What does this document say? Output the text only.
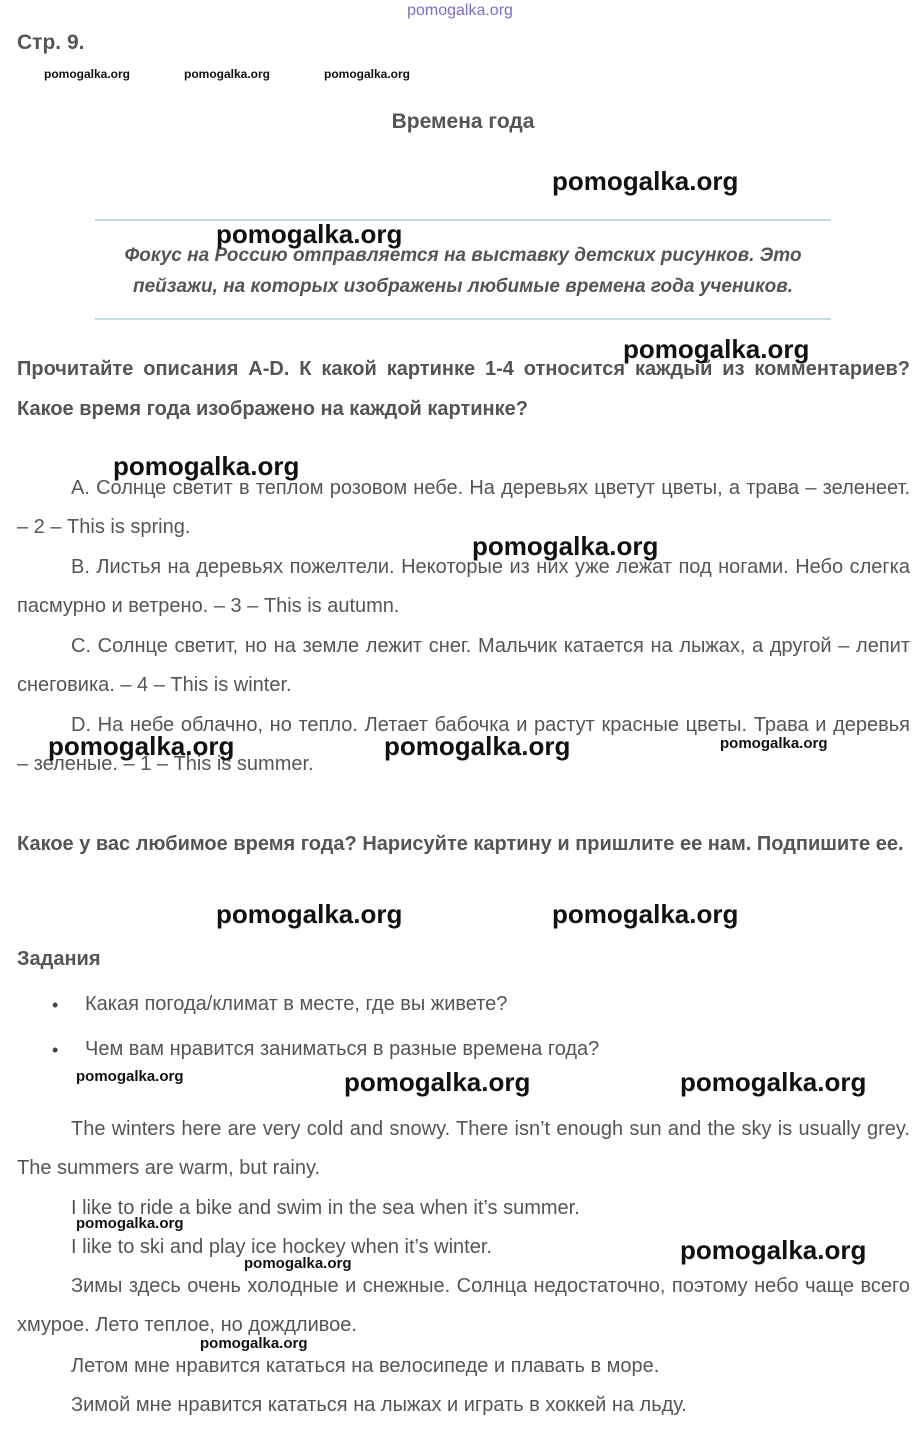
pomogalka.org
Стр. 9.
pomogalka.org	pomogalka.org	pomogalka.org
Времена года
Фокус на Россию отправляется на выставку детских рисунков. Это пейзажи, на которых изображены любимые времена года учеников.
Прочитайте описания A-D. К какой картинке 1-4 относится каждый из комментариев? Какое время года изображено на каждой картинке?
A. Солнце светит в теплом розовом небе. На деревьях цветут цветы, а трава – зеленеет. – 2 – This is spring.
B. Листья на деревьях пожелтели. Некоторые из них уже лежат под ногами. Небо слегка пасмурно и ветрено. – 3 – This is autumn.
C. Солнце светит, но на земле лежит снег. Мальчик катается на лыжах, а другой – лепит снеговика. – 4 – This is winter.
D. На небе облачно, но тепло. Летает бабочка и растут красные цветы. Трава и деревья – зеленые. – 1 – This is summer.
Какое у вас любимое время года? Нарисуйте картину и пришлите ее нам. Подпишите ее.
Задания
• Какая погода/климат в месте, где вы живете?
• Чем вам нравится заниматься в разные времена года?
The winters here are very cold and snowy. There isn’t enough sun and the sky is usually grey. The summers are warm, but rainy.
I like to ride a bike and swim in the sea when it’s summer.
I like to ski and play ice hockey when it’s winter.
Зимы здесь очень холодные и снежные. Солнца недостаточно, поэтому небо чаще всего хмурое. Лето теплое, но дождливое.
Летом мне нравится кататься на велосипеде и плавать в море.
Зимой мне нравится кататься на лыжах и играть в хоккей на льду.
pomogalka.org
pomogalka.org
pomogalka.org
pomogalka.org
pomogalka.org
pomogalka.org	pomogalka.org	pomogalka.org
pomogalka.org	pomogalka.org
pomogalka.org	pomogalka.org	pomogalka.org
pomogalka.org
pomogalka.org
pomogalka.org
pomogalka.org
